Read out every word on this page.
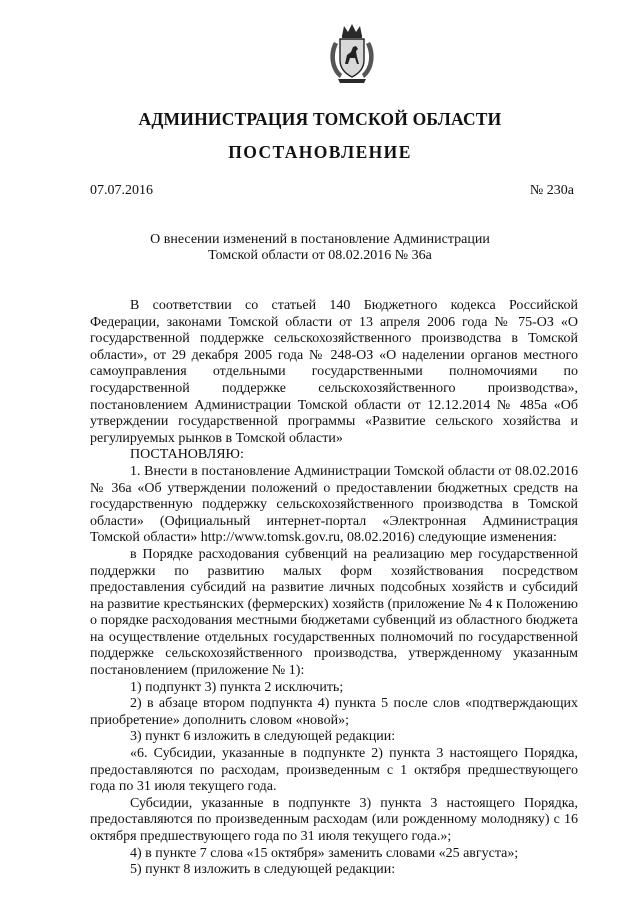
АДМИНИСТРАЦИЯ ТОМСКОЙ ОБЛАСТИ
ПОСТАНОВЛЕНИЕ
07.07.2016	№ 230а
О внесении изменений в постановление Администрации
Томской области от 08.02.2016 № 36а

В соответствии со статьей 140 Бюджетного кодекса Российской Федерации, законами Томской области от 13 апреля 2006 года № 75-ОЗ «О государственной поддержке сельскохозяйственного производства в Томской области», от 29 декабря 2005 года № 248-ОЗ «О наделении органов местного самоуправления отдельными государственными полномочиями по государственной поддержке сельскохозяйственного производства», постановлением Администрации Томской области от 12.12.2014 № 485а «Об утверждении государственной программы «Развитие сельского хозяйства и регулируемых рынков в Томской области»

ПОСТАНОВЛЯЮ:

1. Внести в постановление Администрации Томской области от 08.02.2016 № 36а «Об утверждении положений о предоставлении бюджетных средств на государственную поддержку сельскохозяйственного производства в Томской области» (Официальный интернет-портал «Электронная Администрация Томской области» http://www.tomsk.gov.ru, 08.02.2016) следующие изменения:

в Порядке расходования субвенций на реализацию мер государственной поддержки по развитию малых форм хозяйствования посредством предоставления субсидий на развитие личных подсобных хозяйств и субсидий на развитие крестьянских (фермерских) хозяйств (приложение № 4 к Положению о порядке расходования местными бюджетами субвенций из областного бюджета на осуществление отдельных государственных полномочий по государственной поддержке сельскохозяйственного производства, утвержденному указанным постановлением (приложение № 1):

1) подпункт 3) пункта 2 исключить;

2) в абзаце втором подпункта 4) пункта 5 после слов «подтверждающих приобретение» дополнить словом «новой»;

3) пункт 6 изложить в следующей редакции:

«6. Субсидии, указанные в подпункте 2) пункта 3 настоящего Порядка, предоставляются по расходам, произведенным с 1 октября предшествующего года по 31 июля текущего года.

Субсидии, указанные в подпункте 3) пункта 3 настоящего Порядка, предоставляются по произведенным расходам (или рожденному молодняку) с 16 октября предшествующего года по 31 июля текущего года.»;

4) в пункте 7 слова «15 октября» заменить словами «25 августа»;

5) пункт 8 изложить в следующей редакции:
